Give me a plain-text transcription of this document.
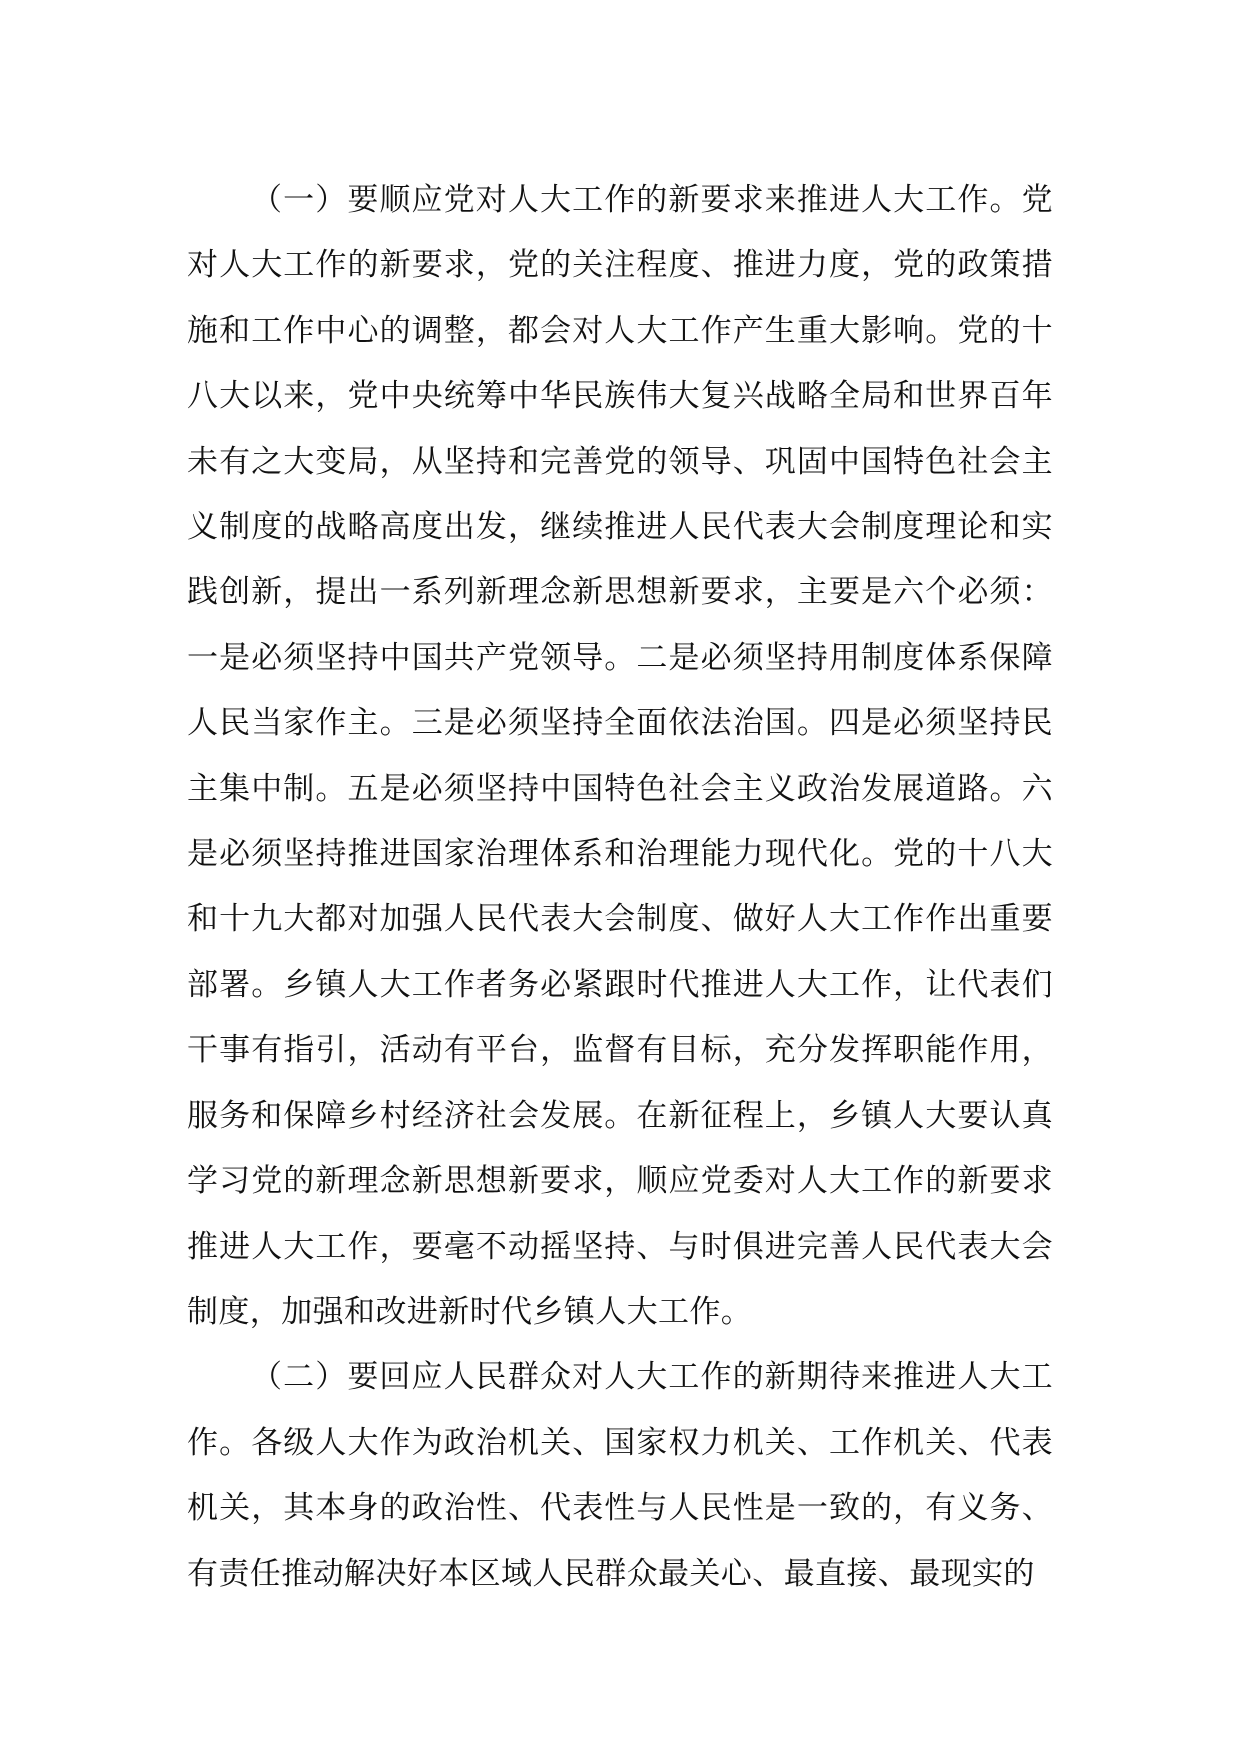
（一）要顺应党对人大工作的新要求来推进人大工作。党对人大工作的新要求，党的关注程度、推进力度，党的政策措施和工作中心的调整，都会对人大工作产生重大影响。党的十八大以来，党中央统筹中华民族伟大复兴战略全局和世界百年未有之大变局，从坚持和完善党的领导、巩固中国特色社会主义制度的战略高度出发，继续推进人民代表大会制度理论和实践创新，提出一系列新理念新思想新要求，主要是六个必须：一是必须坚持中国共产党领导。二是必须坚持用制度体系保障人民当家作主。三是必须坚持全面依法治国。四是必须坚持民主集中制。五是必须坚持中国特色社会主义政治发展道路。六是必须坚持推进国家治理体系和治理能力现代化。党的十八大和十九大都对加强人民代表大会制度、做好人大工作作出重要部署。乡镇人大工作者务必紧跟时代推进人大工作，让代表们干事有指引，活动有平台，监督有目标，充分发挥职能作用，服务和保障乡村经济社会发展。在新征程上，乡镇人大要认真学习党的新理念新思想新要求，顺应党委对人大工作的新要求推进人大工作，要毫不动摇坚持、与时俱进完善人民代表大会制度，加强和改进新时代乡镇人大工作。

（二）要回应人民群众对人大工作的新期待来推进人大工作。各级人大作为政治机关、国家权力机关、工作机关、代表机关，其本身的政治性、代表性与人民性是一致的，有义务、有责任推动解决好本区域人民群众最关心、最直接、最现实的
